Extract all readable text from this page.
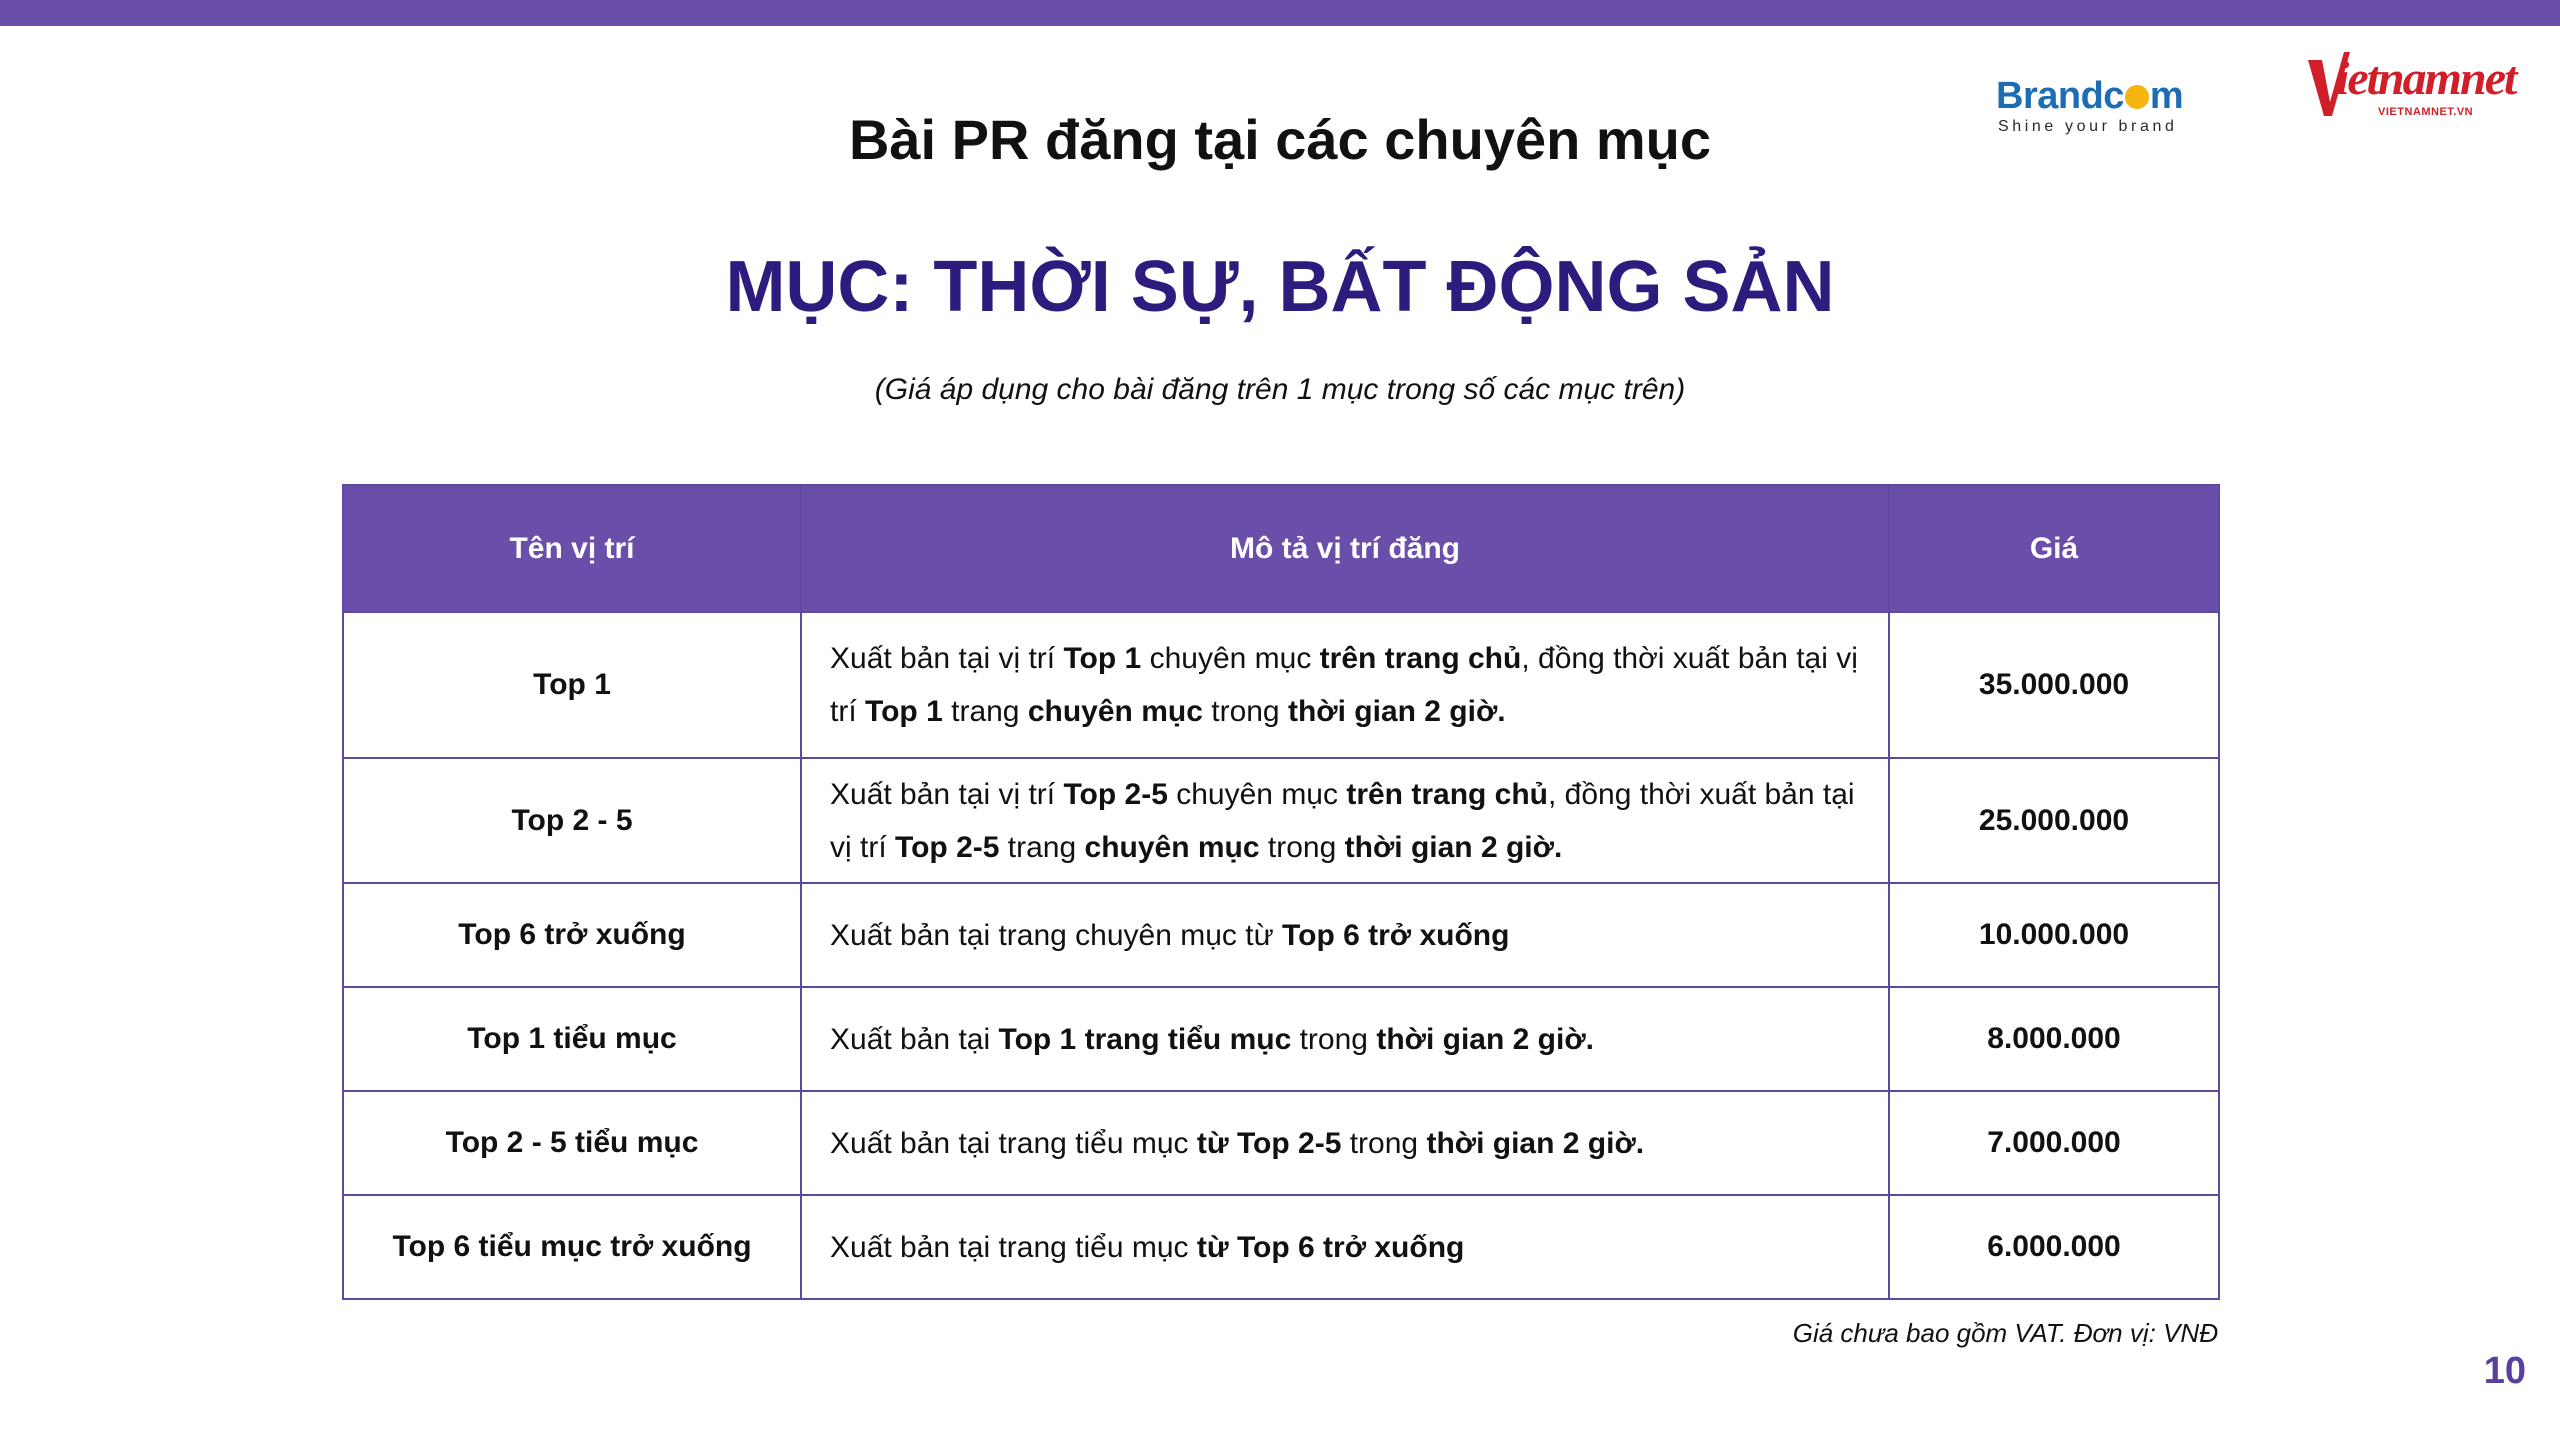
Brandc m
Shine your brand
ietnamnet
VIETNAMNET.VN
Bài PR đăng tại các chuyên mục
MỤC: THỜI SỰ, BẤT ĐỘNG SẢN
(Giá áp dụng cho bài đăng trên 1 mục trong số các mục trên)
Tên vị trí	Mô tả vị trí đăng	Giá
Top 1	Xuất bản tại vị trí Top 1 chuyên mục trên trang chủ, đồng thời xuất bản tại vị trí Top 1 trang chuyên mục trong thời gian 2 giờ.	35.000.000
Top 2 - 5	Xuất bản tại vị trí Top 2-5 chuyên mục trên trang chủ, đồng thời xuất bản tại vị trí Top 2-5 trang chuyên mục trong thời gian 2 giờ.	25.000.000
Top 6 trở xuống	Xuất bản tại trang chuyên mục từ Top 6 trở xuống	10.000.000
Top 1 tiểu mục	Xuất bản tại Top 1 trang tiểu mục trong thời gian 2 giờ.	8.000.000
Top 2 - 5 tiểu mục	Xuất bản tại trang tiểu mục từ Top 2-5 trong thời gian 2 giờ.	7.000.000
Top 6 tiểu mục trở xuống	Xuất bản tại trang tiểu mục từ Top 6 trở xuống	6.000.000
Giá chưa bao gồm VAT. Đơn vị: VNĐ
10
